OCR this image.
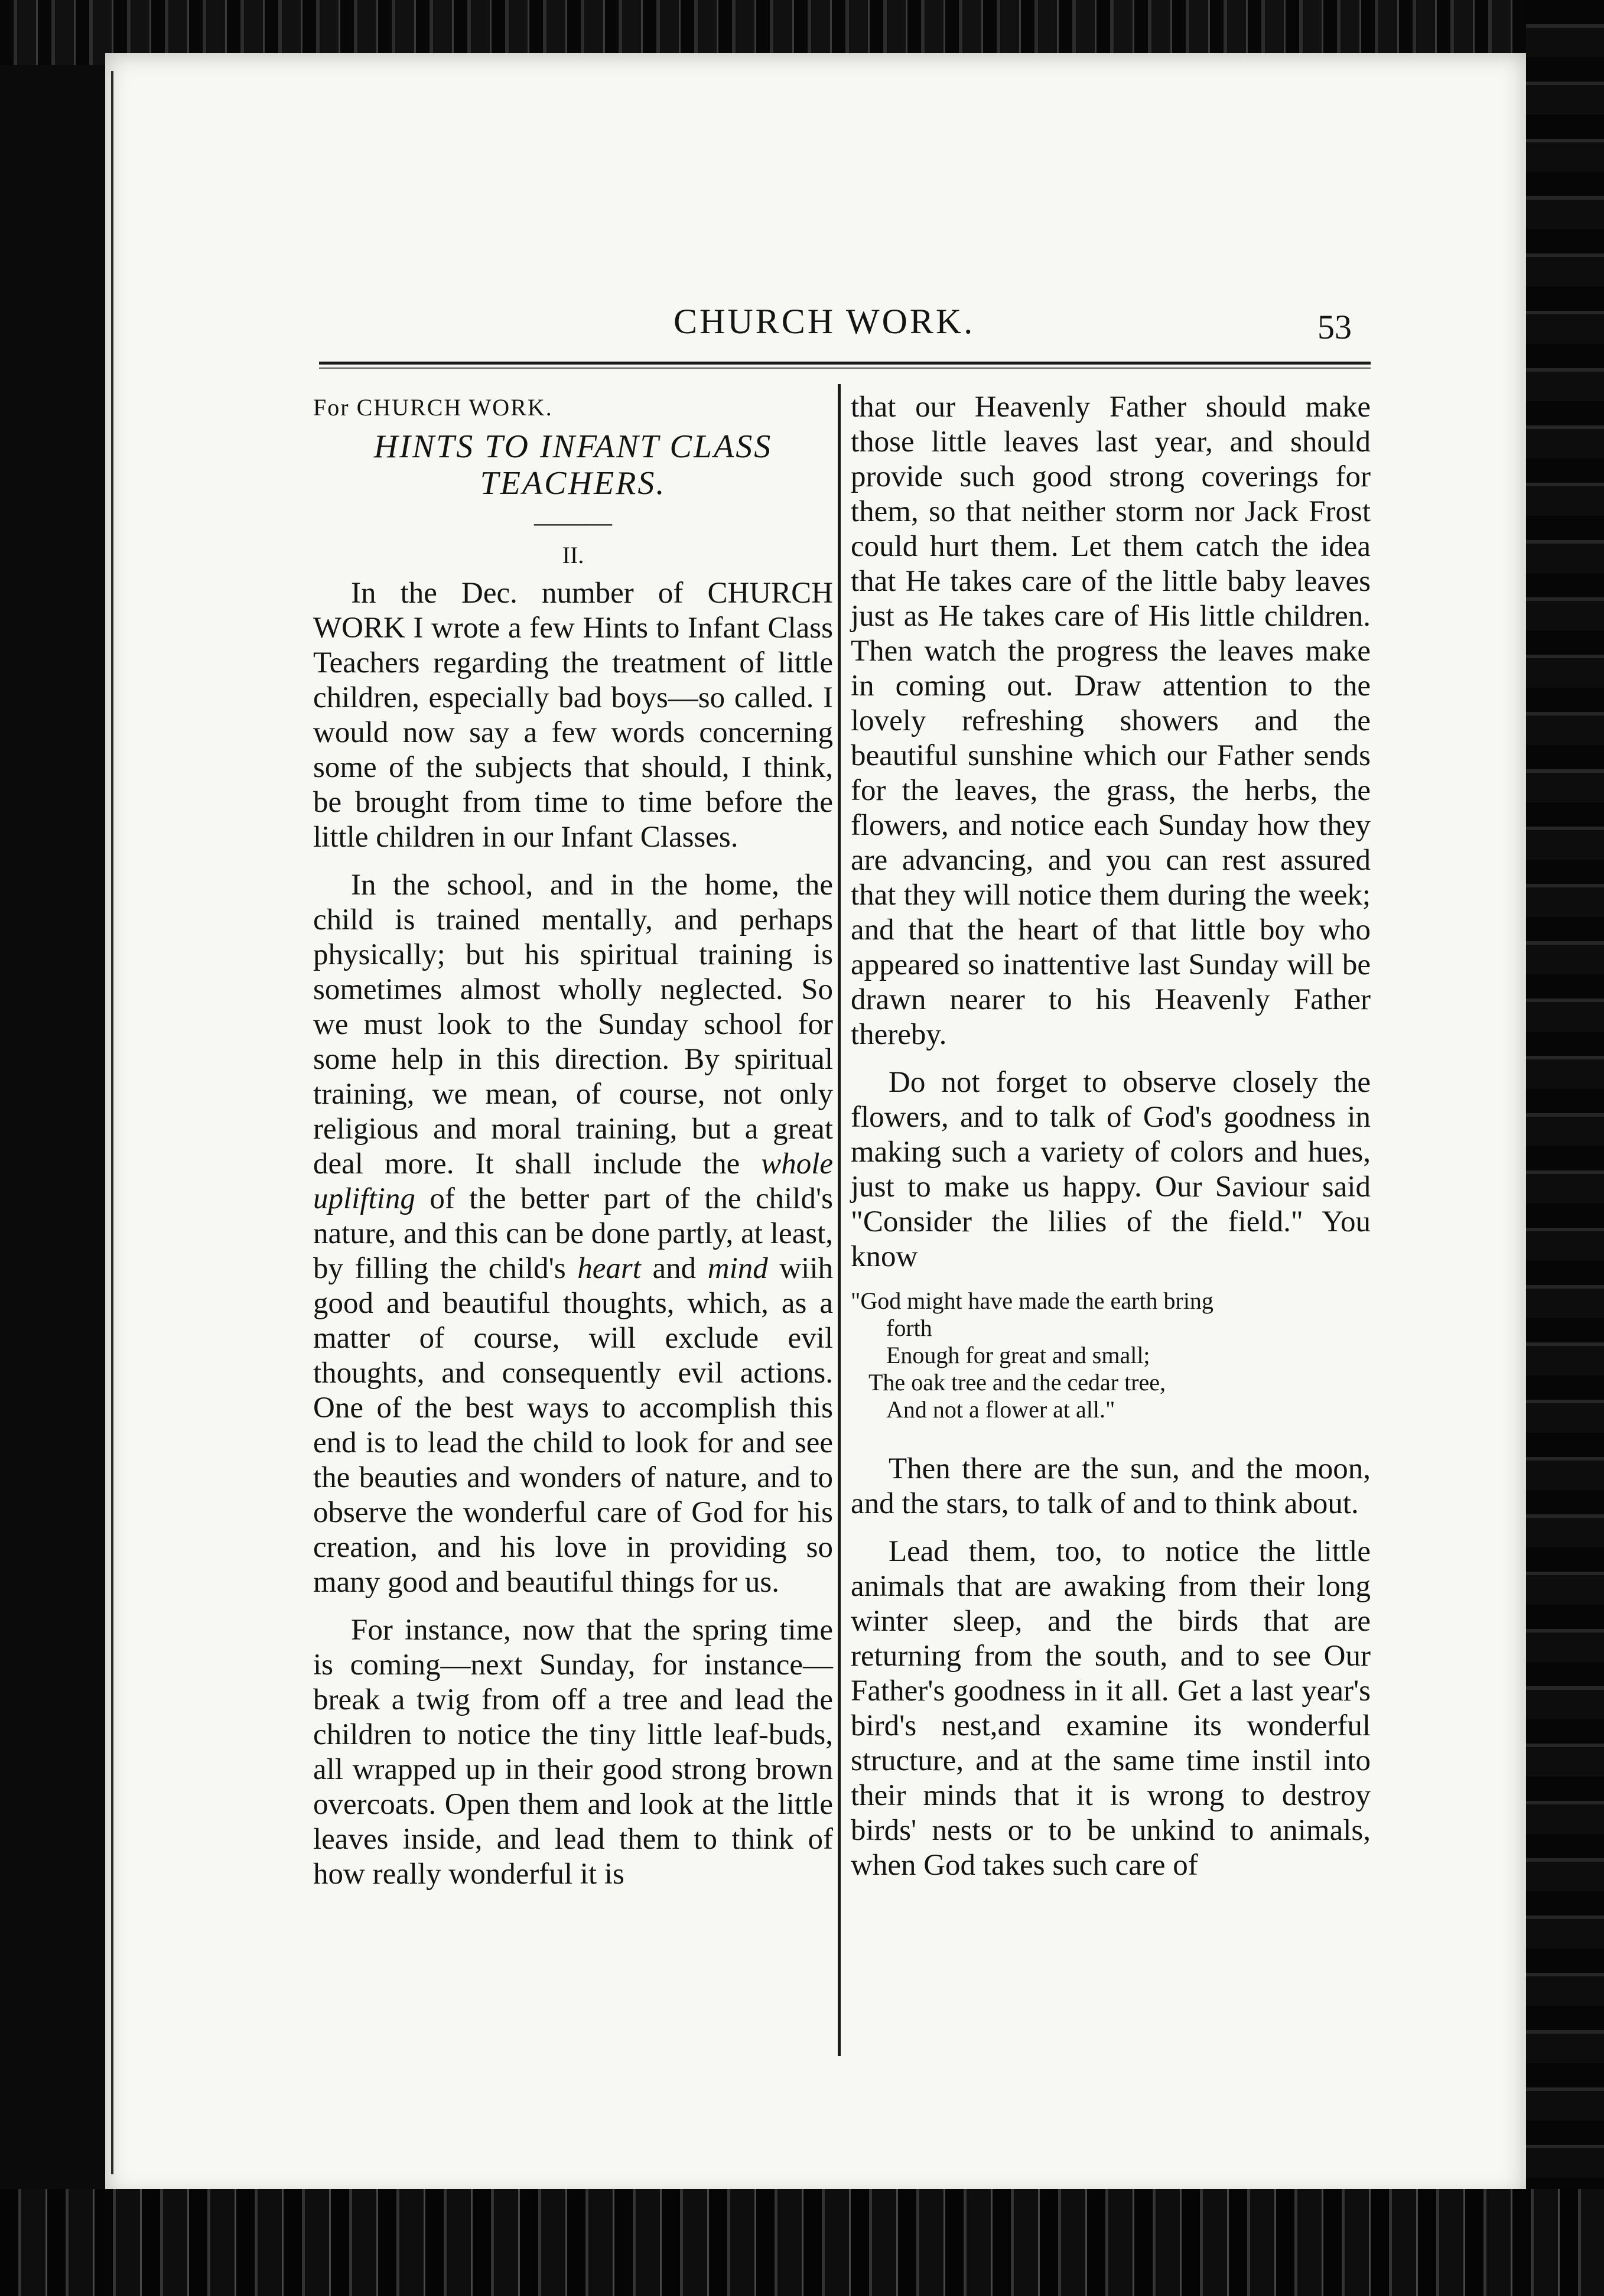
CHURCH WORK.	53
For CHURCH WORK.
HINTS TO INFANT CLASS
TEACHERS.
———
II.

In the Dec. number of CHURCH WORK I wrote a few Hints to Infant Class Teachers regarding the treatment of little children, especially bad boys—so called. I would now say a few words concerning some of the subjects that should, I think, be brought from time to time before the little children in our Infant Classes.

In the school, and in the home, the child is trained mentally, and perhaps physically; but his spiritual training is sometimes almost wholly neglected. So we must look to the Sunday school for some help in this direction. By spiritual training, we mean, of course, not only religious and moral training, but a great deal more. It shall include the whole uplifting of the better part of the child's nature, and this can be done partly, at least, by filling the child's heart and mind wiih good and beautiful thoughts, which, as a matter of course, will exclude evil thoughts, and consequently evil actions. One of the best ways to accomplish this end is to lead the child to look for and see the beauties and wonders of nature, and to observe the wonderful care of God for his creation, and his love in providing so many good and beautiful things for us.

For instance, now that the spring time is coming—next Sunday, for instance—break a twig from off a tree and lead the children to notice the tiny little leaf-buds, all wrapped up in their good strong brown overcoats. Open them and look at the little leaves inside, and lead them to think of how really wonderful it is

that our Heavenly Father should make those little leaves last year, and should provide such good strong coverings for them, so that neither storm nor Jack Frost could hurt them. Let them catch the idea that He takes care of the little baby leaves just as He takes care of His little children. Then watch the progress the leaves make in coming out. Draw attention to the lovely refreshing showers and the beautiful sunshine which our Father sends for the leaves, the grass, the herbs, the flowers, and notice each Sunday how they are advancing, and you can rest assured that they will notice them during the week; and that the heart of that little boy who appeared so inattentive last Sunday will be drawn nearer to his Heavenly Father thereby.

Do not forget to observe closely the flowers, and to talk of God's goodness in making such a variety of colors and hues, just to make us happy. Our Saviour said "Consider the lilies of the field." You know

"God might have made the earth bring
forth
Enough for great and small;
The oak tree and the cedar tree,
And not a flower at all."

Then there are the sun, and the moon, and the stars, to talk of and to think about.

Lead them, too, to notice the little animals that are awaking from their long winter sleep, and the birds that are returning from the south, and to see Our Father's goodness in it all. Get a last year's bird's nest,and examine its wonderful structure, and at the same time instil into their minds that it is wrong to destroy birds' nests or to be unkind to animals, when God takes such care of
